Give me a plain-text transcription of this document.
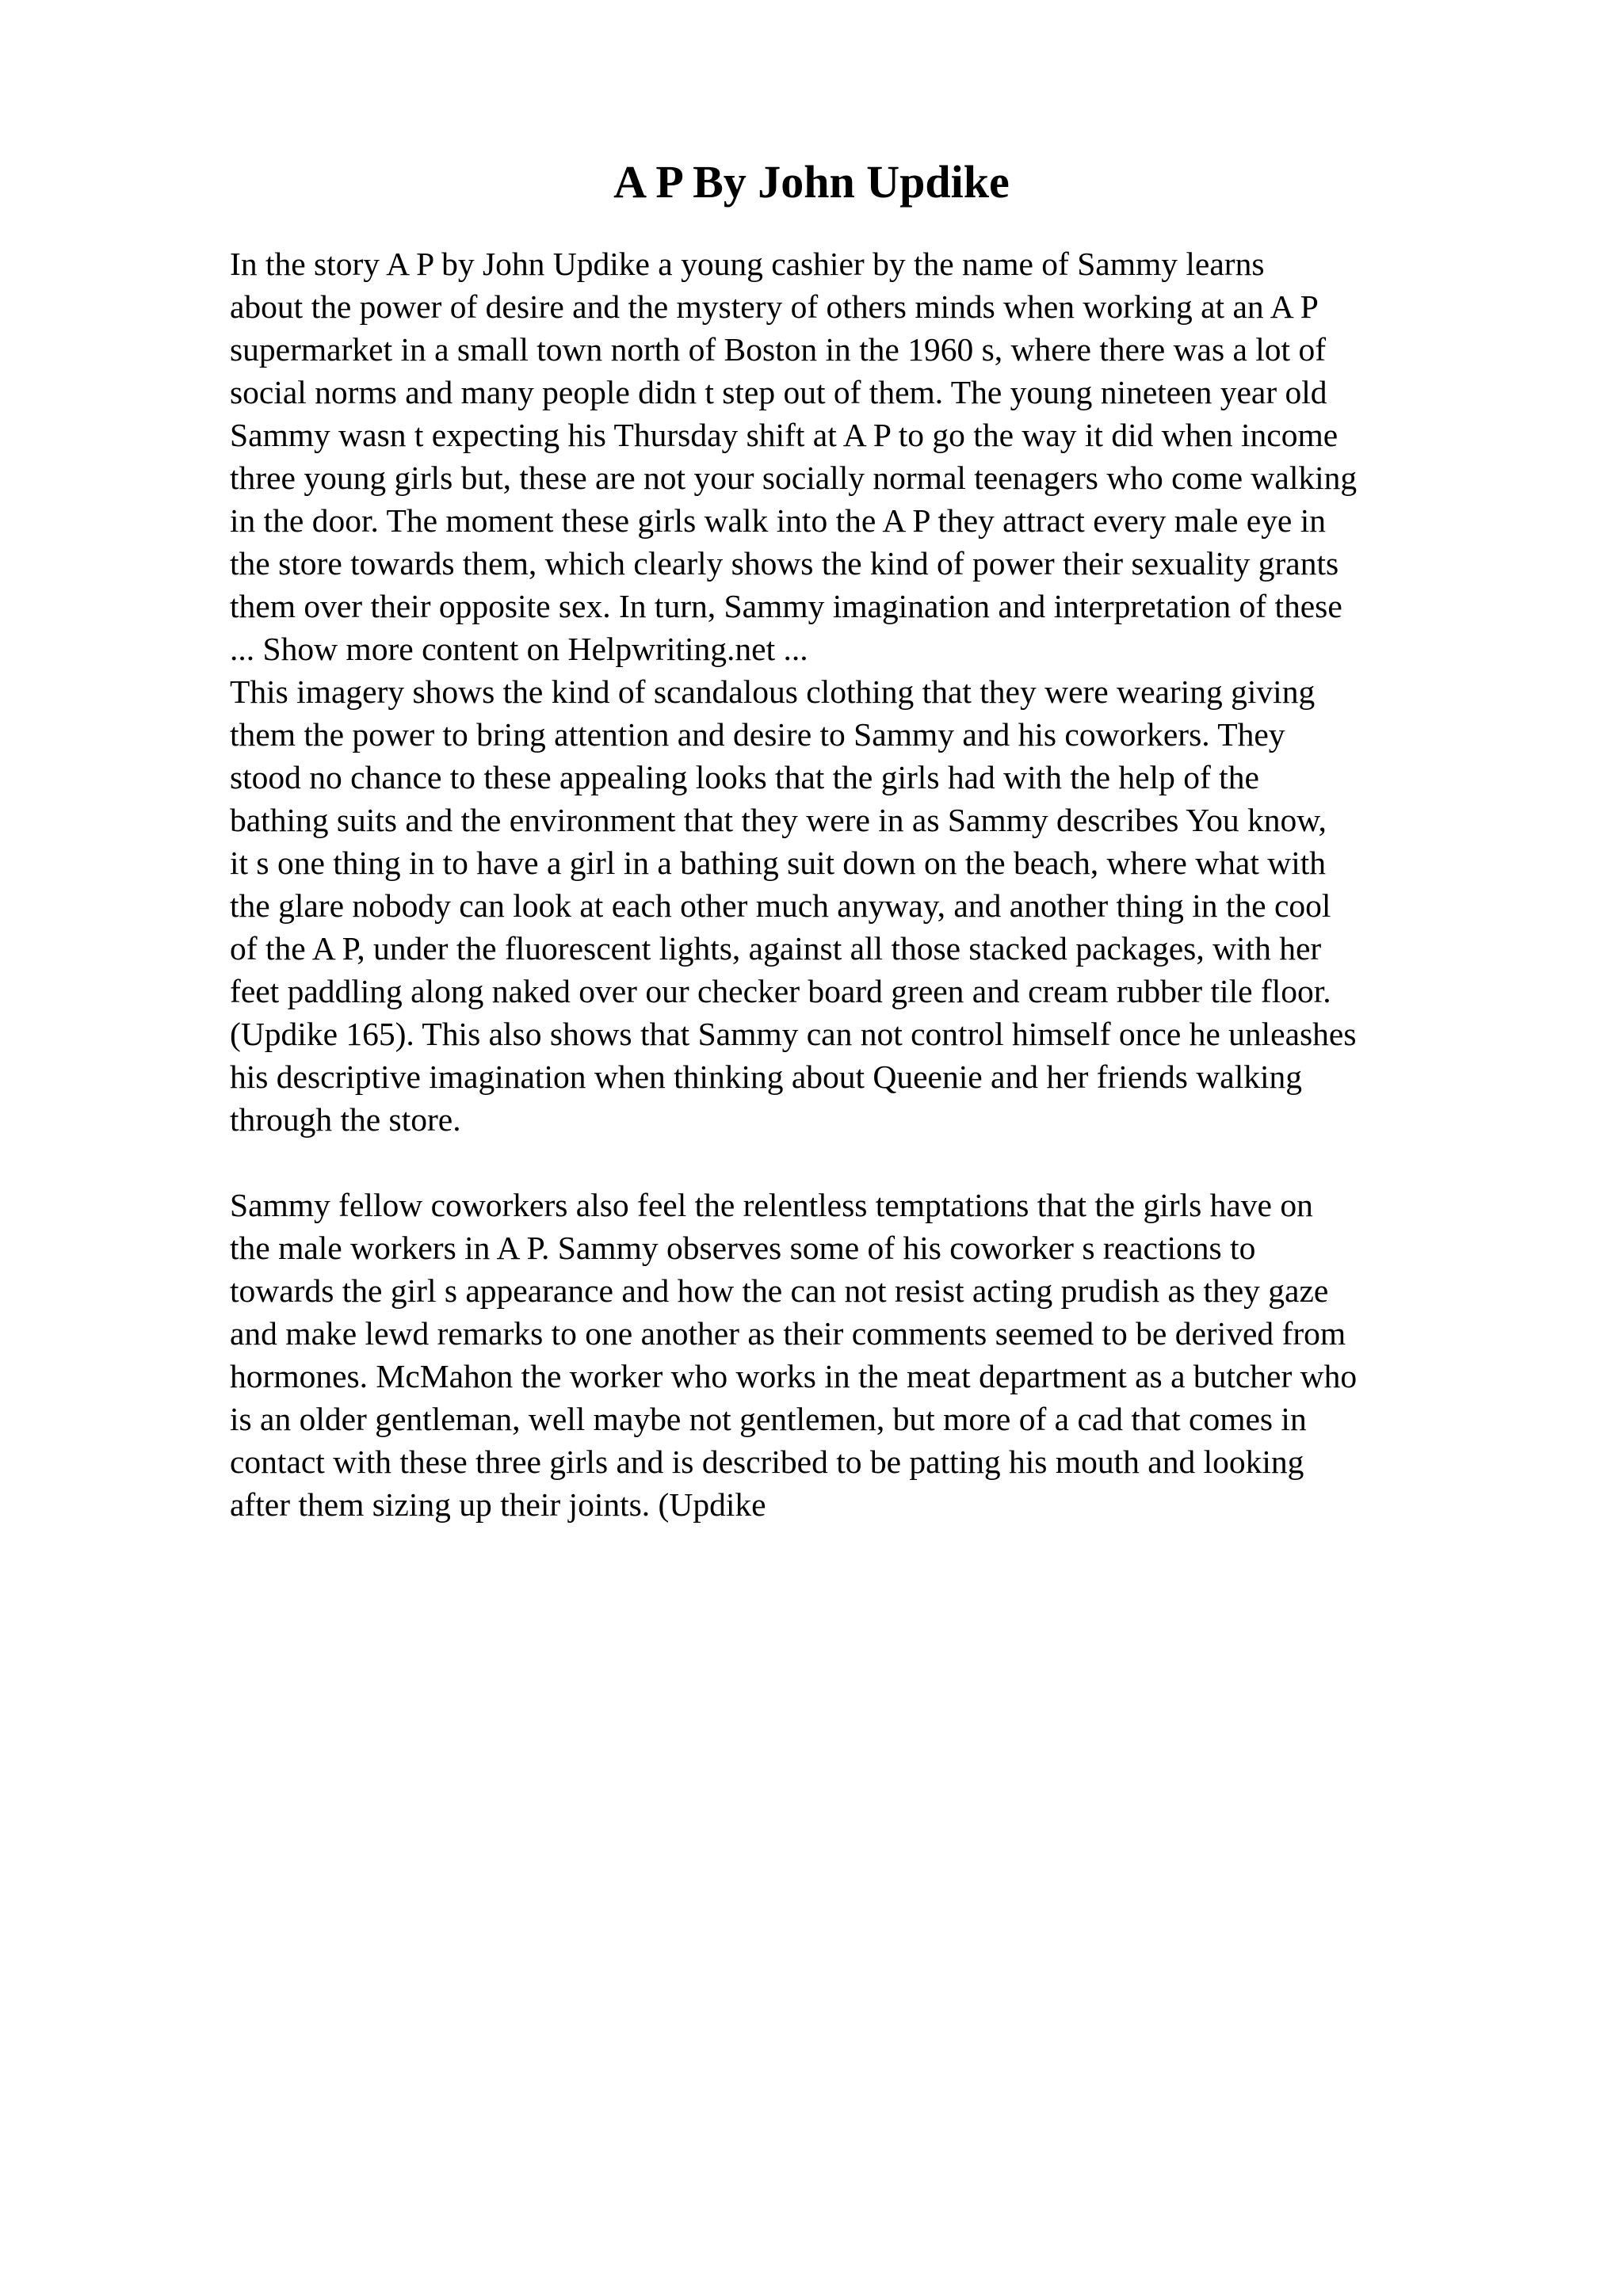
A P By John Updike
In the story A P by John Updike a young cashier by the name of Sammy learns
about the power of desire and the mystery of others minds when working at an A P
supermarket in a small town north of Boston in the 1960 s, where there was a lot of
social norms and many people didn t step out of them. The young nineteen year old
Sammy wasn t expecting his Thursday shift at A P to go the way it did when income
three young girls but, these are not your socially normal teenagers who come walking
in the door. The moment these girls walk into the A P they attract every male eye in
the store towards them, which clearly shows the kind of power their sexuality grants
them over their opposite sex. In turn, Sammy imagination and interpretation of these
... Show more content on Helpwriting.net ...
This imagery shows the kind of scandalous clothing that they were wearing giving
them the power to bring attention and desire to Sammy and his coworkers. They
stood no chance to these appealing looks that the girls had with the help of the
bathing suits and the environment that they were in as Sammy describes You know,
it s one thing in to have a girl in a bathing suit down on the beach, where what with
the glare nobody can look at each other much anyway, and another thing in the cool
of the A P, under the fluorescent lights, against all those stacked packages, with her
feet paddling along naked over our checker board green and cream rubber tile floor.
(Updike 165). This also shows that Sammy can not control himself once he unleashes
his descriptive imagination when thinking about Queenie and her friends walking
through the store.
Sammy fellow coworkers also feel the relentless temptations that the girls have on
the male workers in A P. Sammy observes some of his coworker s reactions to
towards the girl s appearance and how the can not resist acting prudish as they gaze
and make lewd remarks to one another as their comments seemed to be derived from
hormones. McMahon the worker who works in the meat department as a butcher who
is an older gentleman, well maybe not gentlemen, but more of a cad that comes in
contact with these three girls and is described to be patting his mouth and looking
after them sizing up their joints. (Updike
